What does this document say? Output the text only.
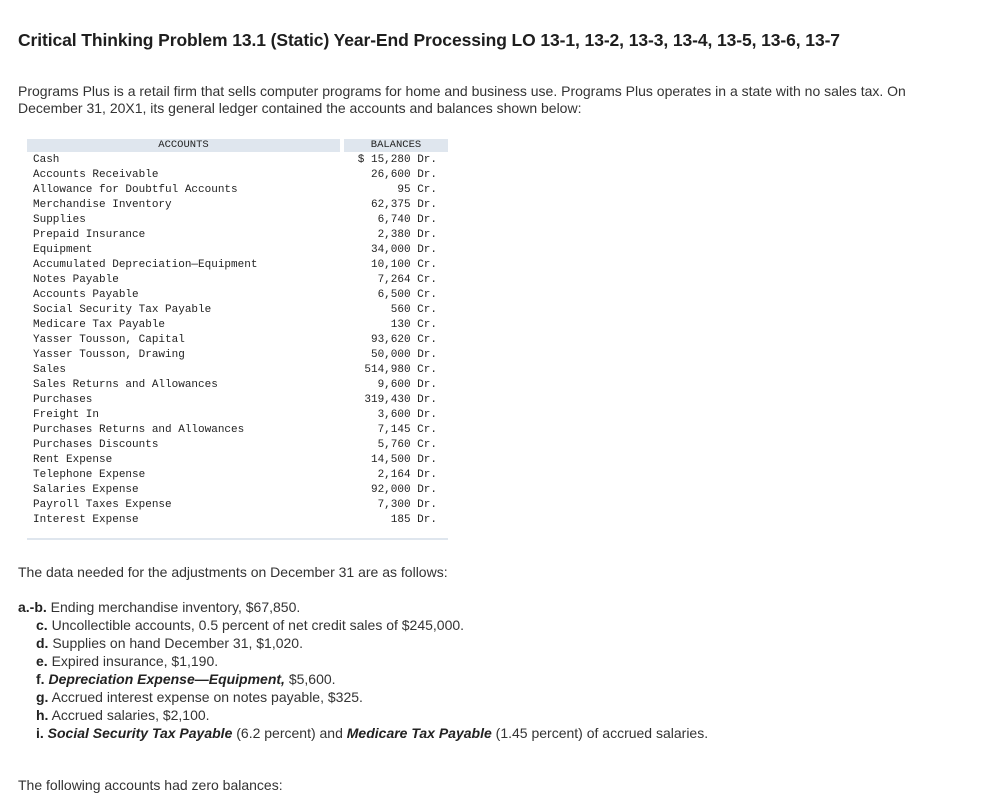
Critical Thinking Problem 13.1 (Static) Year-End Processing LO 13-1, 13-2, 13-3, 13-4, 13-5, 13-6, 13-7

Programs Plus is a retail firm that sells computer programs for home and business use. Programs Plus operates in a state with no sales tax. On December 31, 20X1, its general ledger contained the accounts and balances shown below:

ACCOUNTS	BALANCES
Cash	$ 15,280 Dr.
Accounts Receivable	26,600 Dr.
Allowance for Doubtful Accounts	95 Cr.
Merchandise Inventory	62,375 Dr.
Supplies	6,740 Dr.
Prepaid Insurance	2,380 Dr.
Equipment	34,000 Dr.
Accumulated Depreciation—Equipment	10,100 Cr.
Notes Payable	7,264 Cr.
Accounts Payable	6,500 Cr.
Social Security Tax Payable	560 Cr.
Medicare Tax Payable	130 Cr.
Yasser Tousson, Capital	93,620 Cr.
Yasser Tousson, Drawing	50,000 Dr.
Sales	514,980 Cr.
Sales Returns and Allowances	9,600 Dr.
Purchases	319,430 Dr.
Freight In	3,600 Dr.
Purchases Returns and Allowances	7,145 Cr.
Purchases Discounts	5,760 Cr.
Rent Expense	14,500 Dr.
Telephone Expense	2,164 Dr.
Salaries Expense	92,000 Dr.
Payroll Taxes Expense	7,300 Dr.
Interest Expense	185 Dr.

The data needed for the adjustments on December 31 are as follows:

a.-b. Ending merchandise inventory, $67,850.
c. Uncollectible accounts, 0.5 percent of net credit sales of $245,000.
d. Supplies on hand December 31, $1,020.
e. Expired insurance, $1,190.
f. Depreciation Expense—Equipment, $5,600.
g. Accrued interest expense on notes payable, $325.
h. Accrued salaries, $2,100.
i. Social Security Tax Payable (6.2 percent) and Medicare Tax Payable (1.45 percent) of accrued salaries.

The following accounts had zero balances:
